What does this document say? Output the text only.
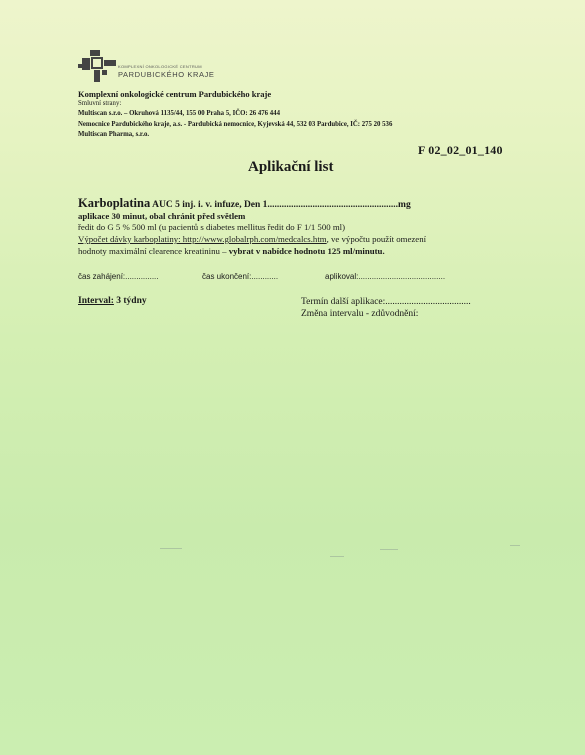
KOMPLEXNÍ ONKOLOGICKÉ CENTRUM
PARDUBICKÉHO KRAJE
Komplexní onkologické centrum Pardubického kraje
Smluvní strany:
Multiscan s.r.o. – Okruhová 1135/44, 155 00 Praha 5, IČO: 26 476 444
Nemocnice Pardubického kraje, a.s. - Pardubická nemocnice, Kyjevská 44, 532 03 Pardubice, IČ: 275 20 536
Multiscan Pharma, s.r.o.
F 02_02_01_140
Aplikační list
Karboplatina AUC 5 inj. i. v. infuze, Den 1.......................................................mg
aplikace 30 minut, obal chránit před světlem
ředit do G 5 % 500 ml (u pacientů s diabetes mellitus ředit do F 1/1 500 ml)
Výpočet dávky karboplatiny: http://www.globalrph.com/medcalcs.htm, ve výpočtu použít omezení
hodnoty maximální clearence kreatininu – vybrat v nabídce hodnotu 125 ml/minutu.
čas zahájení:...............	čas ukončení:............	aplikoval:.......................................
Interval: 3 týdny	Termín další aplikace:....................................
Změna intervalu - zdůvodnění:
